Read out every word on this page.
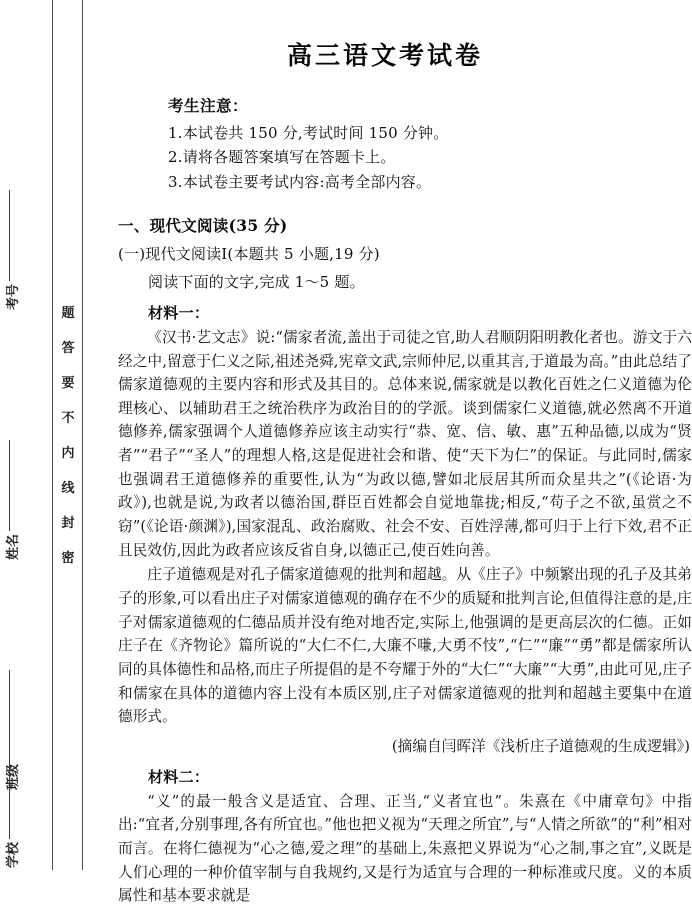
密
封
线
内
不
要
答
题
考号
姓名
班级
学校
高三语文考试卷
考生注意：
1.本试卷共 150 分,考试时间 150 分钟。
2.请将各题答案填写在答题卡上。
3.本试卷主要考试内容:高考全部内容。
一、现代文阅读(35 分)
(一)现代文阅读Ⅰ(本题共 5 小题,19 分)
阅读下面的文字,完成 1～5 题。
材料一：
《汉书·艺文志》说:“儒家者流,盖出于司徒之官,助人君顺阴阳明教化者也。游文于六经之中,留意于仁义之际,祖述尧舜,宪章文武,宗师仲尼,以重其言,于道最为高。”由此总结了儒家道德观的主要内容和形式及其目的。总体来说,儒家就是以教化百姓之仁义道德为伦理核心、以辅助君王之统治秩序为政治目的的学派。谈到儒家仁义道德,就必然离不开道德修养,儒家强调个人道德修养应该主动实行“恭、宽、信、敏、惠”五种品德,以成为“贤者”“君子”“圣人”的理想人格,这是促进社会和谐、使“天下为仁”的保证。与此同时,儒家也强调君王道德修养的重要性,认为“为政以德,譬如北辰居其所而众星共之”(《论语·为政》),也就是说,为政者以德治国,群臣百姓都会自觉地靠拢;相反,“苟子之不欲,虽赏之不窃”(《论语·颜渊》),国家混乱、政治腐败、社会不安、百姓浮薄,都可归于上行下效,君不正且民效仿,因此为政者应该反省自身,以德正己,使百姓向善。
庄子道德观是对孔子儒家道德观的批判和超越。从《庄子》中频繁出现的孔子及其弟子的形象,可以看出庄子对儒家道德观的确存在不少的质疑和批判言论,但值得注意的是,庄子对儒家道德观的仁德品质并没有绝对地否定,实际上,他强调的是更高层次的仁德。正如庄子在《齐物论》篇所说的“大仁不仁,大廉不嗛,大勇不忮”,“仁”“廉”“勇”都是儒家所认同的具体德性和品格,而庄子所提倡的是不夸耀于外的“大仁”“大廉”“大勇”,由此可见,庄子和儒家在具体的道德内容上没有本质区别,庄子对儒家道德观的批判和超越主要集中在道德形式。
(摘编自闫晖洋《浅析庄子道德观的生成逻辑》)
材料二：
“义”的最一般含义是适宜、合理、正当,“义者宜也”。朱熹在《中庸章句》中指出:“宜者,分别事理,各有所宜也。”他也把义视为“天理之所宜”,与“人情之所欲”的“利”相对而言。在将仁德视为“心之德,爱之理”的基础上,朱熹把义界说为“心之制,事之宜”,义既是人们心理的一种价值宰制与自我规约,又是行为适宜与合理的一种标准或尺度。义的本质属性和基本要求就是
